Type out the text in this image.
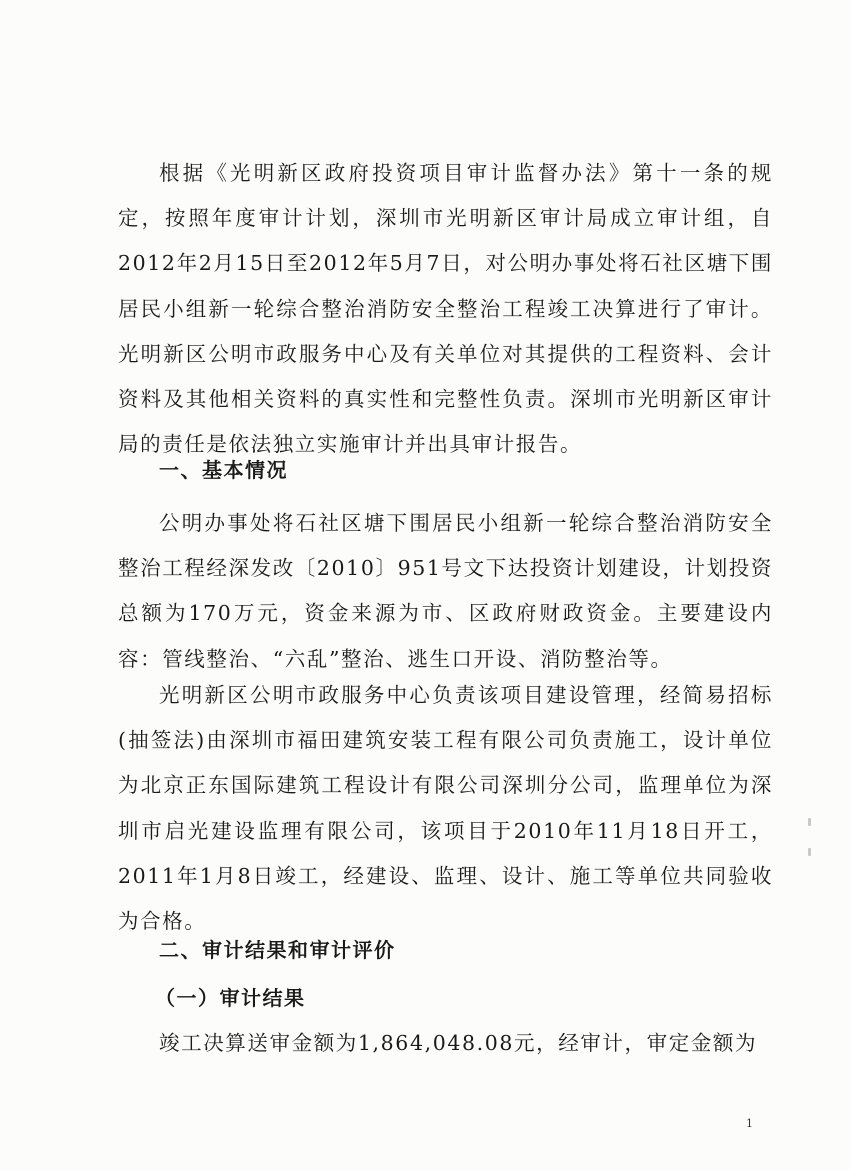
根据《光明新区政府投资项目审计监督办法》第十一条的规定，按照年度审计计划，深圳市光明新区审计局成立审计组，自2012年2月15日至2012年5月7日，对公明办事处将石社区塘下围居民小组新一轮综合整治消防安全整治工程竣工决算进行了审计。光明新区公明市政服务中心及有关单位对其提供的工程资料、会计资料及其他相关资料的真实性和完整性负责。深圳市光明新区审计局的责任是依法独立实施审计并出具审计报告。

一、基本情况

公明办事处将石社区塘下围居民小组新一轮综合整治消防安全整治工程经深发改〔2010〕951号文下达投资计划建设，计划投资总额为170万元，资金来源为市、区政府财政资金。主要建设内容：管线整治、“六乱”整治、逃生口开设、消防整治等。

光明新区公明市政服务中心负责该项目建设管理，经简易招标(抽签法)由深圳市福田建筑安装工程有限公司负责施工，设计单位为北京正东国际建筑工程设计有限公司深圳分公司，监理单位为深圳市启光建设监理有限公司，该项目于2010年11月18日开工，2011年1月8日竣工，经建设、监理、设计、施工等单位共同验收为合格。

二、审计结果和审计评价
（一）审计结果

竣工决算送审金额为1,864,048.08元，经审计，审定金额为

1
